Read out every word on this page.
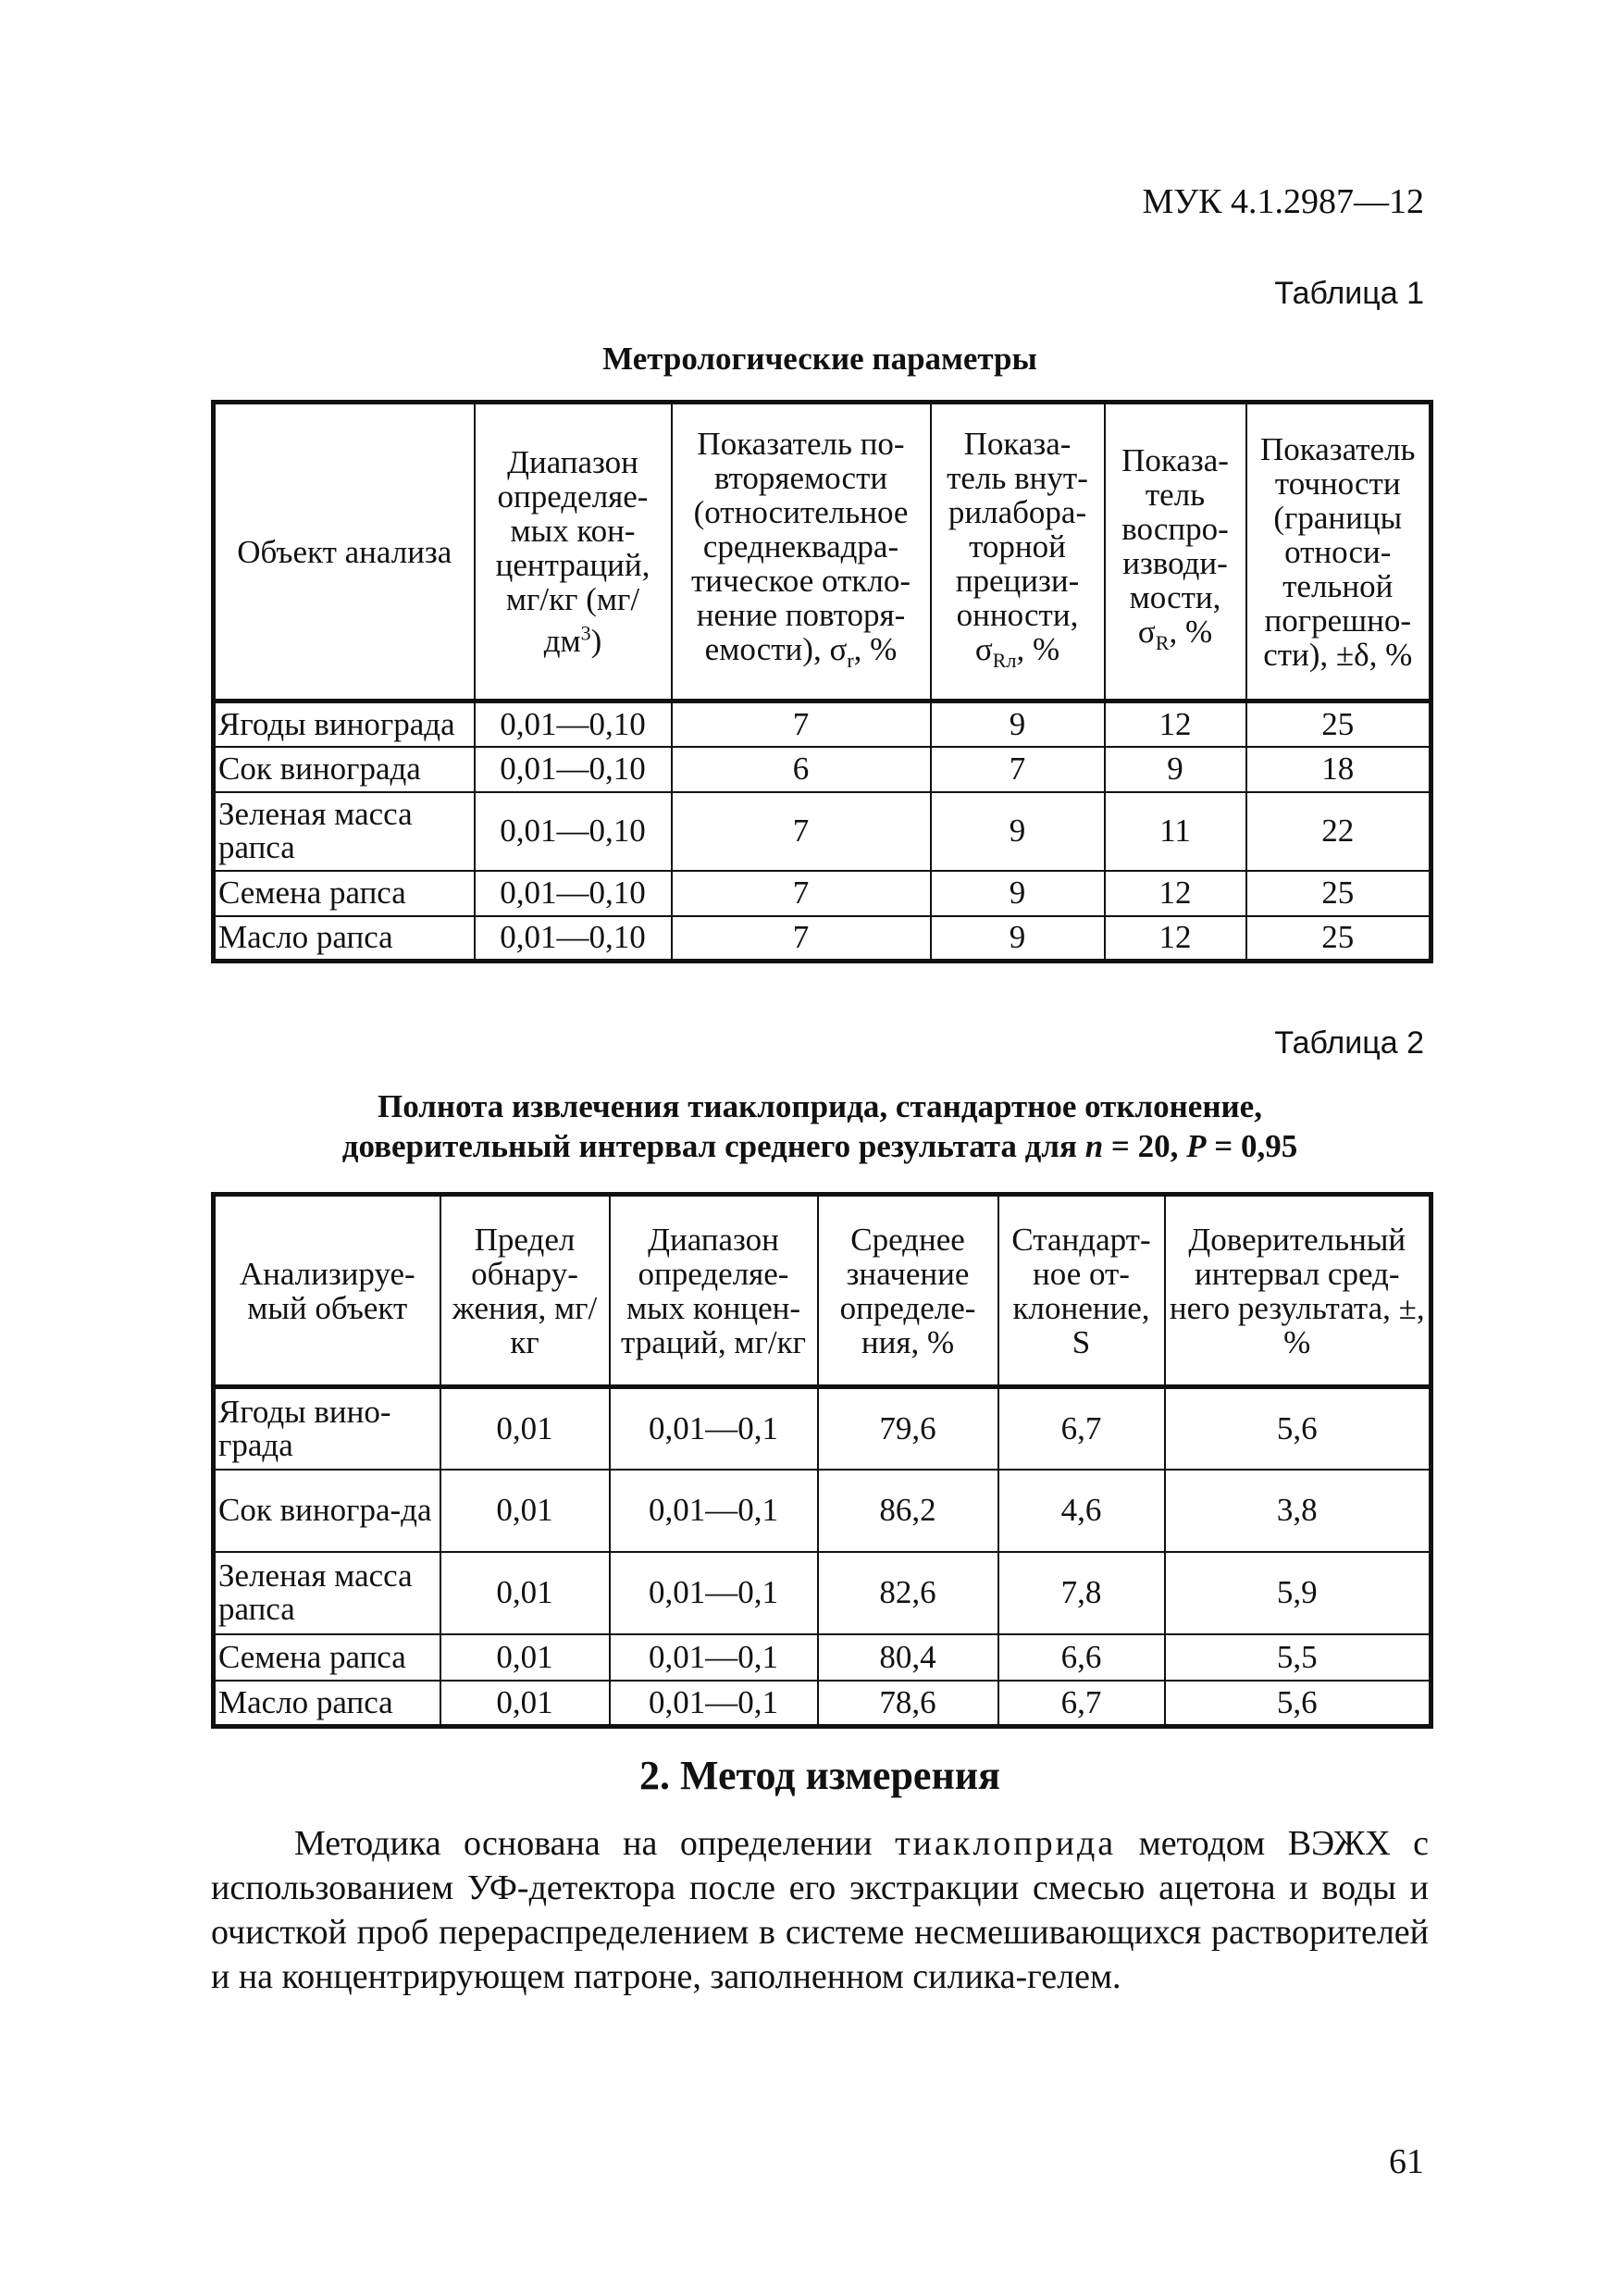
МУК 4.1.2987—12
Таблица 1
Метрологические параметры
Объект анализа	Диапазон определяе-мых кон-центраций, мг/кг $(мг/дм^3)$	Показатель по-вторяемости (относительное среднеквадра-тическое откло-нение повторя-емости), $\sigma_r$, %	Показа-тель внут-рилабора-торной прецизи-онности, $\sigma_{Rл}$, %	Показа-тель воспро-изводи-мости, $\sigma_R$, %	Показатель точности (границы относи-тельной погрешно-сти), ±δ, %
Ягоды винограда	0,01—0,10	7	9	12	25
Сок винограда	0,01—0,10	6	7	9	18
Зеленая масса рапса	0,01—0,10	7	9	11	22
Семена рапса	0,01—0,10	7	9	12	25
Масло рапса	0,01—0,10	7	9	12	25
Таблица 2
Полнота извлечения тиаклоприда, стандартное отклонение,
доверительный интервал среднего результата для n = 20, P = 0,95
Анализируе-мый объект	Предел обнару-жения, мг/кг	Диапазон определяе-мых концен-траций, мг/кг	Среднее значение определе-ния, %	Стандарт-ное от-клонение, S	Доверительный интервал сред-него результата, ±, %
Ягоды вино-града	0,01	0,01—0,1	79,6	6,7	5,6
Сок виногра-да	0,01	0,01—0,1	86,2	4,6	3,8
Зеленая масса рапса	0,01	0,01—0,1	82,6	7,8	5,9
Семена рапса	0,01	0,01—0,1	80,4	6,6	5,5
Масло рапса	0,01	0,01—0,1	78,6	6,7	5,6
2. Метод измерения
Методика основана на определении тиаклоприда методом ВЭЖХ с использованием УФ-детектора после его экстракции смесью ацетона и воды и очисткой проб перераспределением в системе несмешивающихся растворителей и на концентрирующем патроне, заполненном силика-гелем.
61
